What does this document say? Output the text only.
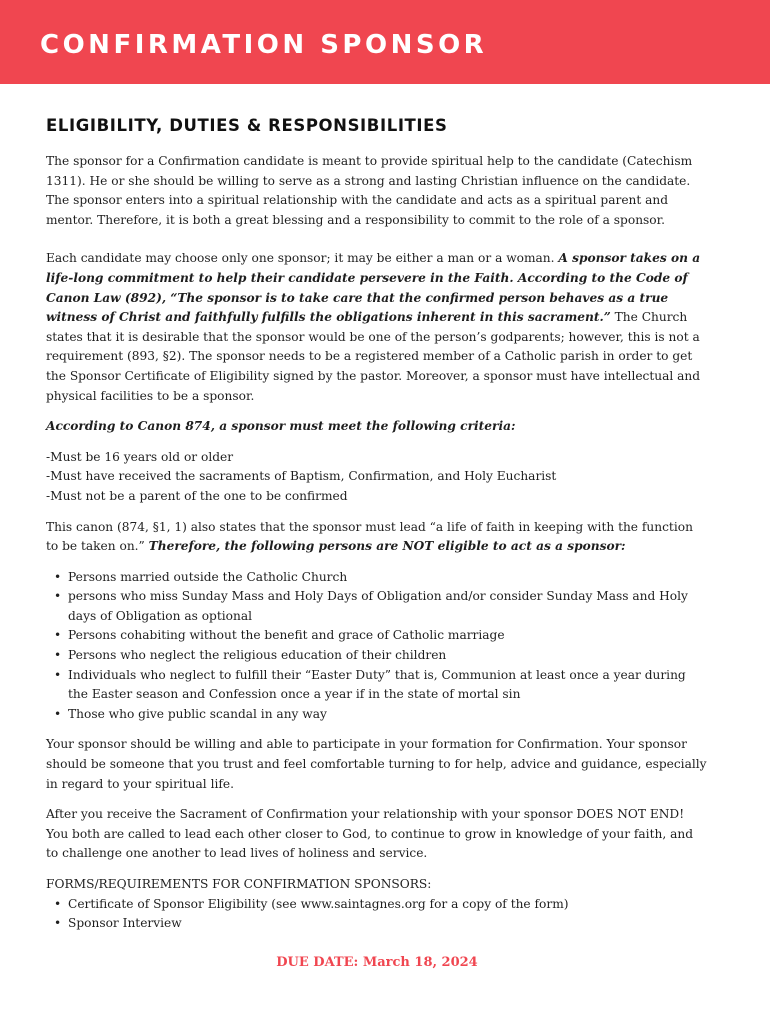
CONFIRMATION SPONSOR
ELIGIBILITY, DUTIES & RESPONSIBILITIES

The sponsor for a Confirmation candidate is meant to provide spiritual help to the candidate (Catechism 1311). He or she should be willing to serve as a strong and lasting Christian influence on the candidate. The sponsor enters into a spiritual relationship with the candidate and acts as a spiritual parent and mentor. Therefore, it is both a great blessing and a responsibility to commit to the role of a sponsor.

Each candidate may choose only one sponsor; it may be either a man or a woman. A sponsor takes on a life-long commitment to help their candidate persevere in the Faith. According to the Code of Canon Law (892), “The sponsor is to take care that the confirmed person behaves as a true witness of Christ and faithfully fulfills the obligations inherent in this sacrament.” The Church states that it is desirable that the sponsor would be one of the person’s godparents; however, this is not a requirement (893, §2). The sponsor needs to be a registered member of a Catholic parish in order to get the Sponsor Certificate of Eligibility signed by the pastor. Moreover, a sponsor must have intellectual and physical facilities to be a sponsor.

According to Canon 874, a sponsor must meet the following criteria:

-Must be 16 years old or older

-Must have received the sacraments of Baptism, Confirmation, and Holy Eucharist

-Must not be a parent of the one to be confirmed

This canon (874, §1, 1) also states that the sponsor must lead “a life of faith in keeping with the function to be taken on.” Therefore, the following persons are NOT eligible to act as a sponsor:

• Persons married outside the Catholic Church
• persons who miss Sunday Mass and Holy Days of Obligation and/or consider Sunday Mass and Holy days of Obligation as optional
• Persons cohabiting without the benefit and grace of Catholic marriage
• Persons who neglect the religious education of their children
• Individuals who neglect to fulfill their “Easter Duty” that is, Communion at least once a year during the Easter season and Confession once a year if in the state of mortal sin
• Those who give public scandal in any way

Your sponsor should be willing and able to participate in your formation for Confirmation. Your sponsor should be someone that you trust and feel comfortable turning to for help, advice and guidance, especially in regard to your spiritual life.

After you receive the Sacrament of Confirmation your relationship with your sponsor DOES NOT END! You both are called to lead each other closer to God, to continue to grow in knowledge of your faith, and to challenge one another to lead lives of holiness and service.

FORMS/REQUIREMENTS FOR CONFIRMATION SPONSORS:

• Certificate of Sponsor Eligibility (see www.saintagnes.org for a copy of the form)
• Sponsor Interview
DUE DATE: March 18, 2024
